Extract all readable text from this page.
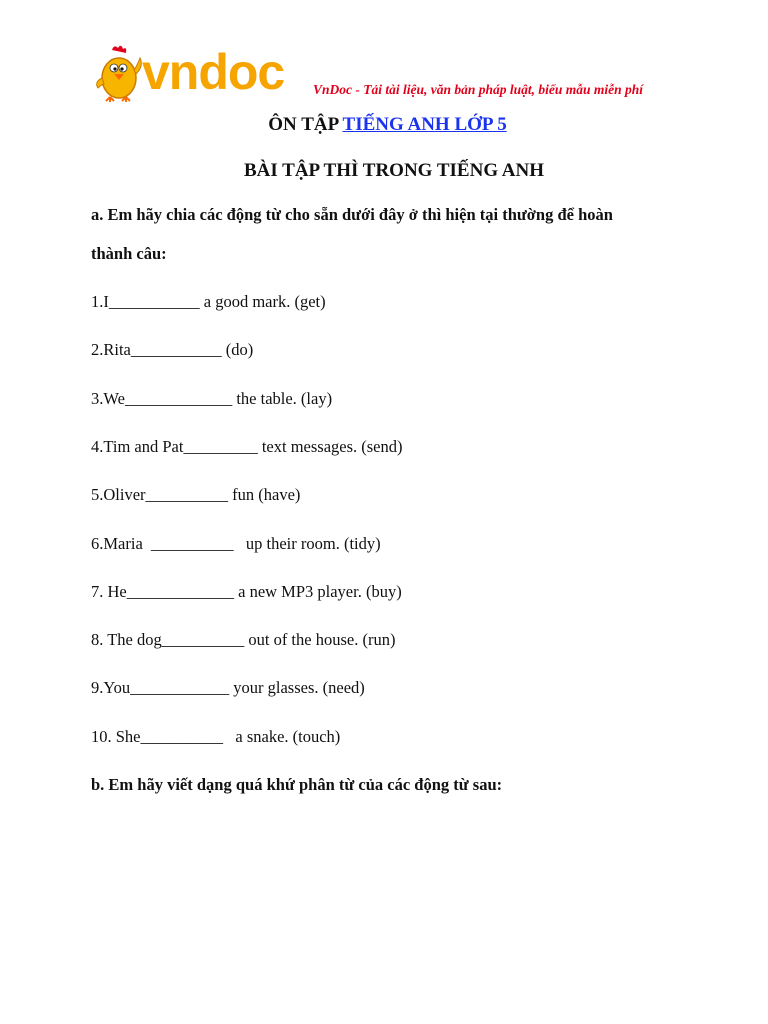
vndoc VnDoc - Tải tài liệu, văn bản pháp luật, biểu mẫu miễn phí
ÔN TẬP TIẾNG ANH LỚP 5
BÀI TẬP THÌ TRONG TIẾNG ANH
a. Em hãy chia các động từ cho sẵn dưới đây ở thì hiện tại thường để hoàn
thành câu:
1.I___________ a good mark. (get)
2.Rita___________ (do)
3.We_____________ the table. (lay)
4.Tim and Pat_________ text messages. (send)
5.Oliver__________ fun (have)
6.Maria  __________   up their room. (tidy)
7. He_____________ a new MP3 player. (buy)
8. The dog__________ out of the house. (run)
9.You____________ your glasses. (need)
10. She__________   a snake. (touch)
b. Em hãy viết dạng quá khứ phân từ của các động từ sau:
